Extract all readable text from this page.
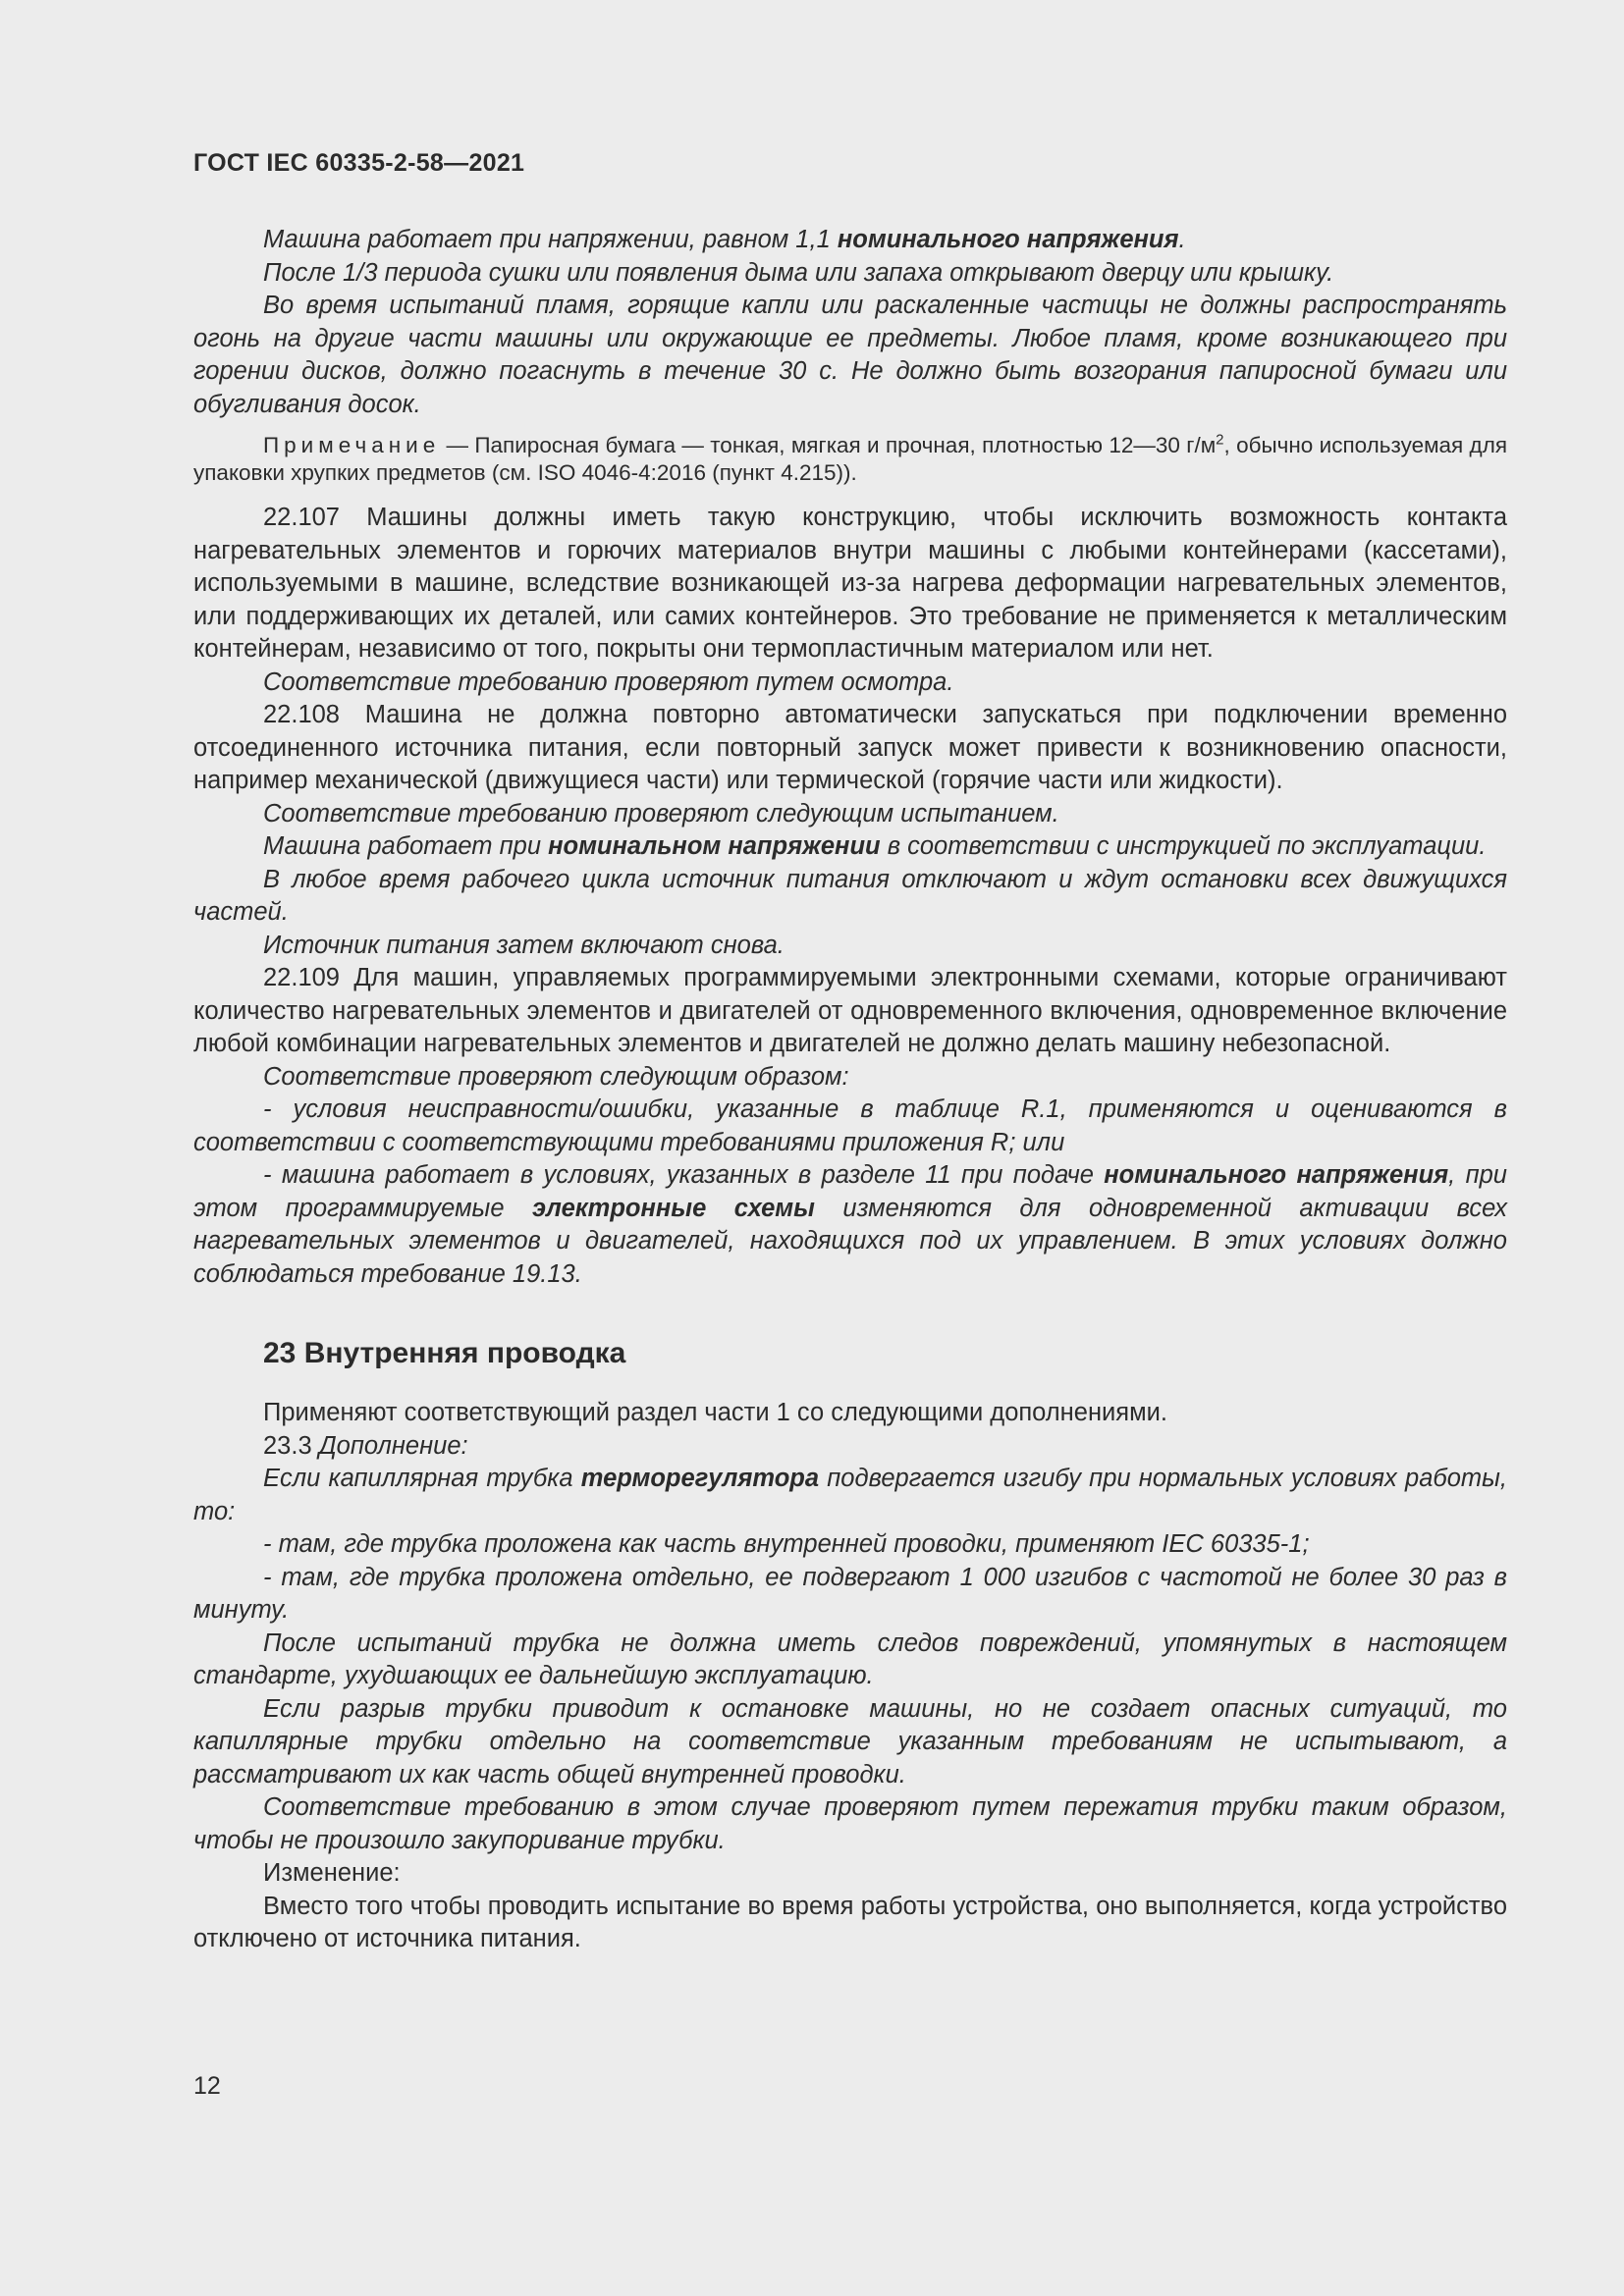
ГОСТ IEC 60335-2-58—2021

Машина работает при напряжении, равном 1,1 номинального напряжения.

После 1/3 периода сушки или появления дыма или запаха открывают дверцу или крышку.

Во время испытаний пламя, горящие капли или раскаленные частицы не должны распространять огонь на другие части машины или окружающие ее предметы. Любое пламя, кроме возникающего при горении дисков, должно погаснуть в течение 30 с. Не должно быть возгорания папиросной бумаги или обугливания досок.

Примечание — Папиросная бумага — тонкая, мягкая и прочная, плотностью 12—30 $г/м^2$, обычно используемая для упаковки хрупких предметов (см. ISO 4046-4:2016 (пункт 4.215)).

22.107 Машины должны иметь такую конструкцию, чтобы исключить возможность контакта нагревательных элементов и горючих материалов внутри машины с любыми контейнерами (кассетами), используемыми в машине, вследствие возникающей из-за нагрева деформации нагревательных элементов, или поддерживающих их деталей, или самих контейнеров. Это требование не применяется к металлическим контейнерам, независимо от того, покрыты они термопластичным материалом или нет.

Соответствие требованию проверяют путем осмотра.

22.108 Машина не должна повторно автоматически запускаться при подключении временно отсоединенного источника питания, если повторный запуск может привести к возникновению опасности, например механической (движущиеся части) или термической (горячие части или жидкости).

Соответствие требованию проверяют следующим испытанием.

Машина работает при номинальном напряжении в соответствии с инструкцией по эксплуатации.

В любое время рабочего цикла источник питания отключают и ждут остановки всех движущихся частей.

Источник питания затем включают снова.

22.109 Для машин, управляемых программируемыми электронными схемами, которые ограничивают количество нагревательных элементов и двигателей от одновременного включения, одновременное включение любой комбинации нагревательных элементов и двигателей не должно делать машину небезопасной.

Соответствие проверяют следующим образом:

- условия неисправности/ошибки, указанные в таблице R.1, применяются и оцениваются в соответствии с соответствующими требованиями приложения R; или

- машина работает в условиях, указанных в разделе 11 при подаче номинального напряжения, при этом программируемые электронные схемы изменяются для одновременной активации всех нагревательных элементов и двигателей, находящихся под их управлением. В этих условиях должно соблюдаться требование 19.13.

23 Внутренняя проводка

Применяют соответствующий раздел части 1 со следующими дополнениями.

23.3 Дополнение:

Если капиллярная трубка терморегулятора подвергается изгибу при нормальных условиях работы, то:

- там, где трубка проложена как часть внутренней проводки, применяют IEC 60335-1;

- там, где трубка проложена отдельно, ее подвергают 1 000 изгибов с частотой не более 30 раз в минуту.

После испытаний трубка не должна иметь следов повреждений, упомянутых в настоящем стандарте, ухудшающих ее дальнейшую эксплуатацию.

Если разрыв трубки приводит к остановке машины, но не создает опасных ситуаций, то капиллярные трубки отдельно на соответствие указанным требованиям не испытывают, а рассматривают их как часть общей внутренней проводки.

Соответствие требованию в этом случае проверяют путем пережатия трубки таким образом, чтобы не произошло закупоривание трубки.

Изменение:

Вместо того чтобы проводить испытание во время работы устройства, оно выполняется, когда устройство отключено от источника питания.

12
